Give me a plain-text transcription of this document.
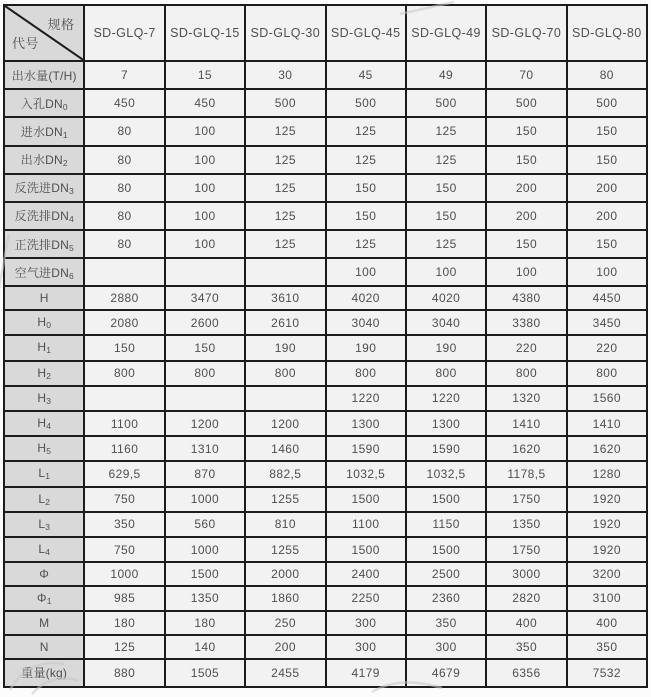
规格
代号	SD-GLQ-7	SD-GLQ-15	SD-GLQ-30	SD-GLQ-45	SD-GLQ-49	SD-GLQ-70	SD-GLQ-80
出水量(T/H)	7	15	30	45	49	70	80
入孔$DN_0$	450	450	500	500	500	500	500
进水$DN_1$	80	100	125	125	125	150	150
出水$DN_2$	80	100	125	125	125	150	150
反洗进$DN_3$	80	100	125	150	150	200	200
反洗排$DN_4$	80	100	125	150	150	200	200
正洗排$DN_5$	80	100	125	125	125	150	150
空气进$DN_6$				100	100	100	100
H	2880	3470	3610	4020	4020	4380	4450
$H_0$	2080	2600	2610	3040	3040	3380	3450
$H_1$	150	150	190	190	190	220	220
$H_2$	800	800	800	800	800	800	800
$H_3$				1220	1220	1320	1560
$H_4$	1100	1200	1200	1300	1300	1410	1410
$H_5$	1160	1310	1460	1590	1590	1620	1620
$L_1$	629,5	870	882,5	1032,5	1032,5	1178,5	1280
$L_2$	750	1000	1255	1500	1500	1750	1920
$L_3$	350	560	810	1100	1150	1350	1920
$L_4$	750	1000	1255	1500	1500	1750	1920
Φ	1000	1500	2000	2400	2500	3000	3200
$\Phi_1$	985	1350	1860	2250	2360	2820	3100
M	180	180	250	300	350	400	400
N	125	140	200	300	300	350	350
重量(kg)	880	1505	2455	4179	4679	6356	7532
